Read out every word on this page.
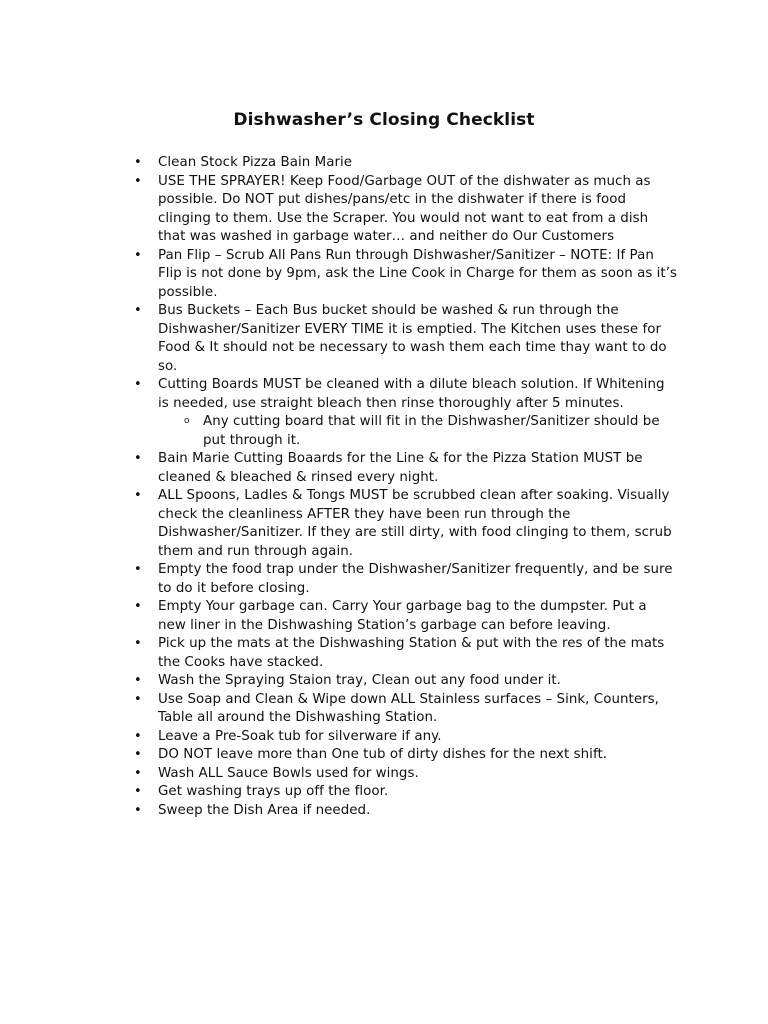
Dishwasher’s Closing Checklist
• Clean Stock Pizza Bain Marie
• USE THE SPRAYER! Keep Food/Garbage OUT of the dishwater as much as possible. Do NOT put dishes/pans/etc in the dishwater if there is food clinging to them. Use the Scraper. You would not want to eat from a dish that was washed in garbage water… and neither do Our Customers
• Pan Flip – Scrub All Pans Run through Dishwasher/Sanitizer – NOTE: If Pan Flip is not done by 9pm, ask the Line Cook in Charge for them as soon as it’s possible.
• Bus Buckets – Each Bus bucket should be washed & run through the Dishwasher/Sanitizer EVERY TIME it is emptied. The Kitchen uses these for Food & It should not be necessary to wash them each time thay want to do so.
• Cutting Boards MUST be cleaned with a dilute bleach solution. If Whitening is needed, use straight bleach then rinse thoroughly after 5 minutes.
o Any cutting board that will fit in the Dishwasher/Sanitizer should be put through it.
• Bain Marie Cutting Boaards for the Line & for the Pizza Station MUST be cleaned & bleached & rinsed every night.
• ALL Spoons, Ladles & Tongs MUST be scrubbed clean after soaking. Visually check the cleanliness AFTER they have been run through the Dishwasher/Sanitizer. If they are still dirty, with food clinging to them, scrub them and run through again.
• Empty the food trap under the Dishwasher/Sanitizer frequently, and be sure to do it before closing.
• Empty Your garbage can. Carry Your garbage bag to the dumpster. Put a new liner in the Dishwashing Station’s garbage can before leaving.
• Pick up the mats at the Dishwashing Station & put with the res of the mats the Cooks have stacked.
• Wash the Spraying Staion tray, Clean out any food under it.
• Use Soap and Clean & Wipe down ALL Stainless surfaces – Sink, Counters, Table all around the Dishwashing Station.
• Leave a Pre-Soak tub for silverware if any.
• DO NOT leave more than One tub of dirty dishes for the next shift.
• Wash ALL Sauce Bowls used for wings.
• Get washing trays up off the floor.
• Sweep the Dish Area if needed.
